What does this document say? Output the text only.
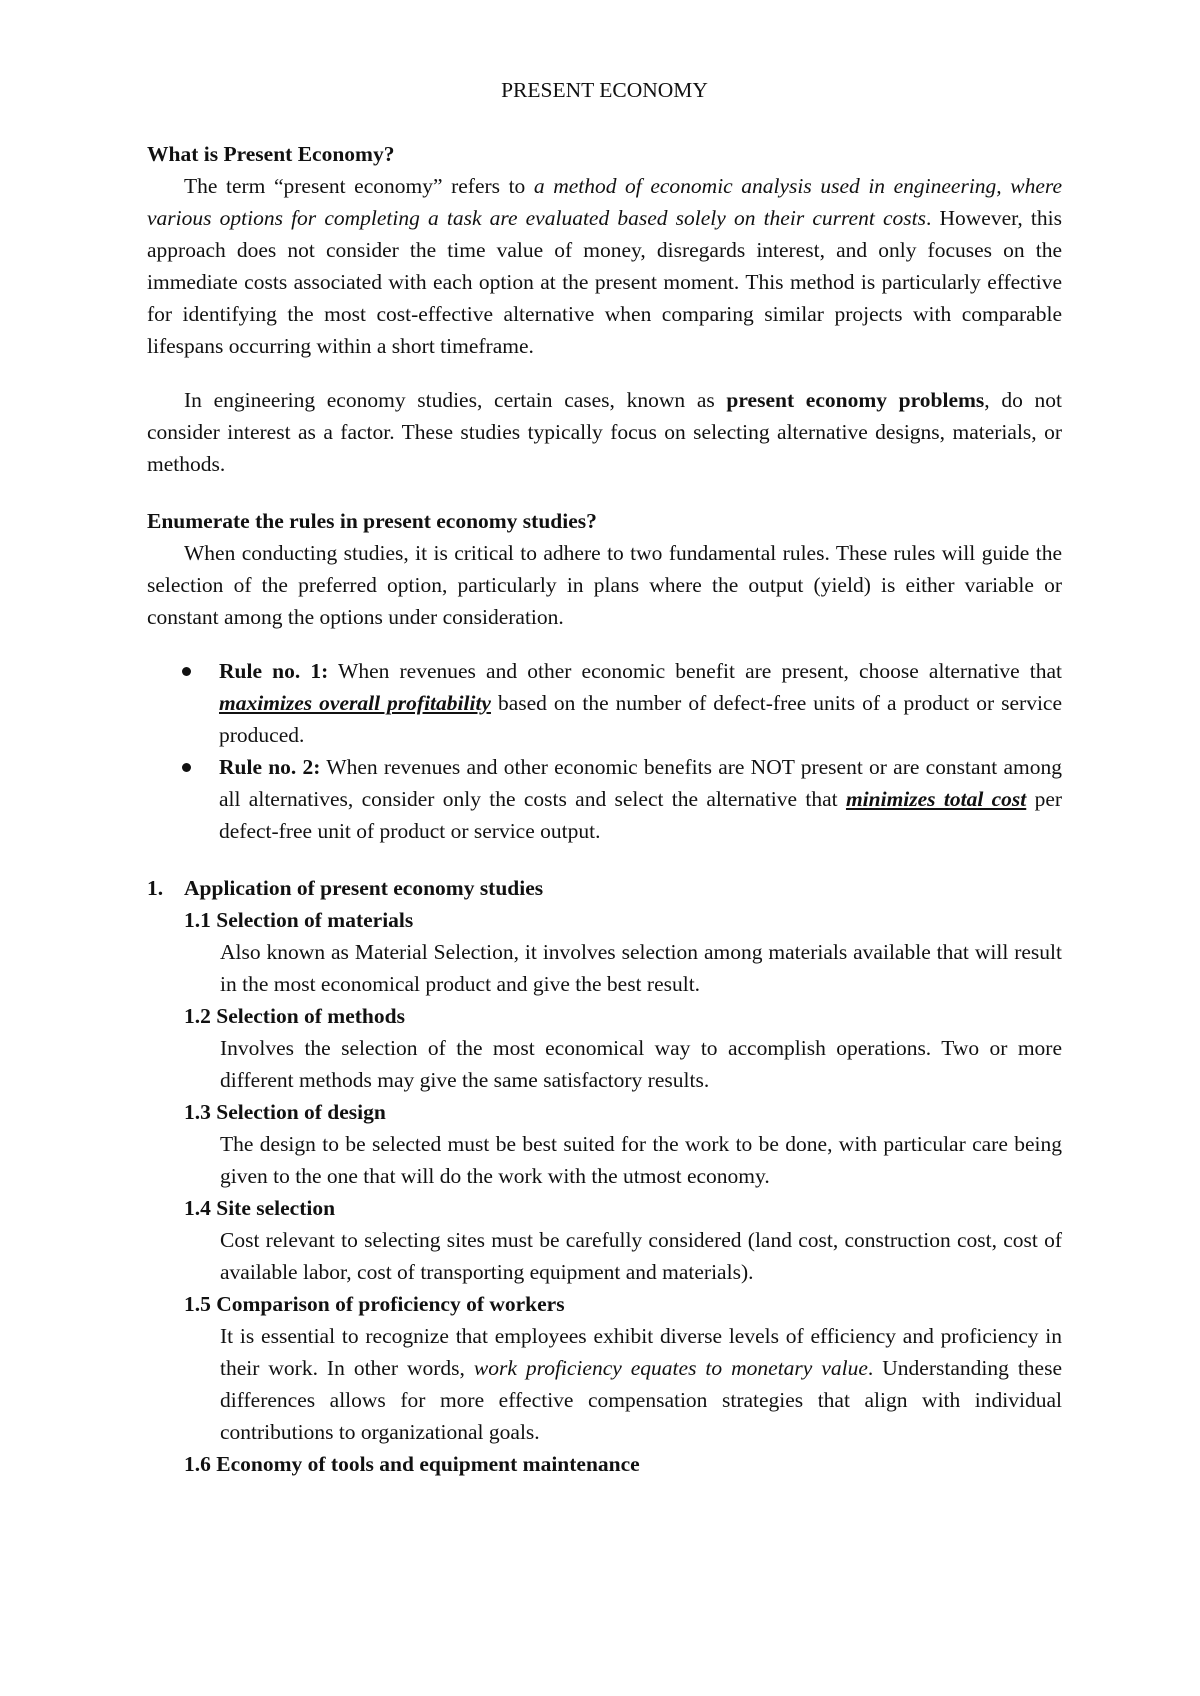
PRESENT ECONOMY

What is Present Economy?

The term “present economy” refers to a method of economic analysis used in engineering, where various options for completing a task are evaluated based solely on their current costs. However, this approach does not consider the time value of money, disregards interest, and only focuses on the immediate costs associated with each option at the present moment. This method is particularly effective for identifying the most cost-effective alternative when comparing similar projects with comparable lifespans occurring within a short timeframe.

In engineering economy studies, certain cases, known as present economy problems, do not consider interest as a factor. These studies typically focus on selecting alternative designs, materials, or methods.

Enumerate the rules in present economy studies?

When conducting studies, it is critical to adhere to two fundamental rules. These rules will guide the selection of the preferred option, particularly in plans where the output (yield) is either variable or constant among the options under consideration.

Rule no. 1: When revenues and other economic benefit are present, choose alternative that maximizes overall profitability based on the number of defect-free units of a product or service produced.
Rule no. 2: When revenues and other economic benefits are NOT present or are constant among all alternatives, consider only the costs and select the alternative that minimizes total cost per defect-free unit of product or service output.

1. Application of present economy studies

1.1 Selection of materials

Also known as Material Selection, it involves selection among materials available that will result in the most economical product and give the best result.

1.2 Selection of methods

Involves the selection of the most economical way to accomplish operations. Two or more different methods may give the same satisfactory results.

1.3 Selection of design

The design to be selected must be best suited for the work to be done, with particular care being given to the one that will do the work with the utmost economy.

1.4 Site selection

Cost relevant to selecting sites must be carefully considered (land cost, construction cost, cost of available labor, cost of transporting equipment and materials).

1.5 Comparison of proficiency of workers

It is essential to recognize that employees exhibit diverse levels of efficiency and proficiency in their work. In other words, work proficiency equates to monetary value. Understanding these differences allows for more effective compensation strategies that align with individual contributions to organizational goals.

1.6 Economy of tools and equipment maintenance
